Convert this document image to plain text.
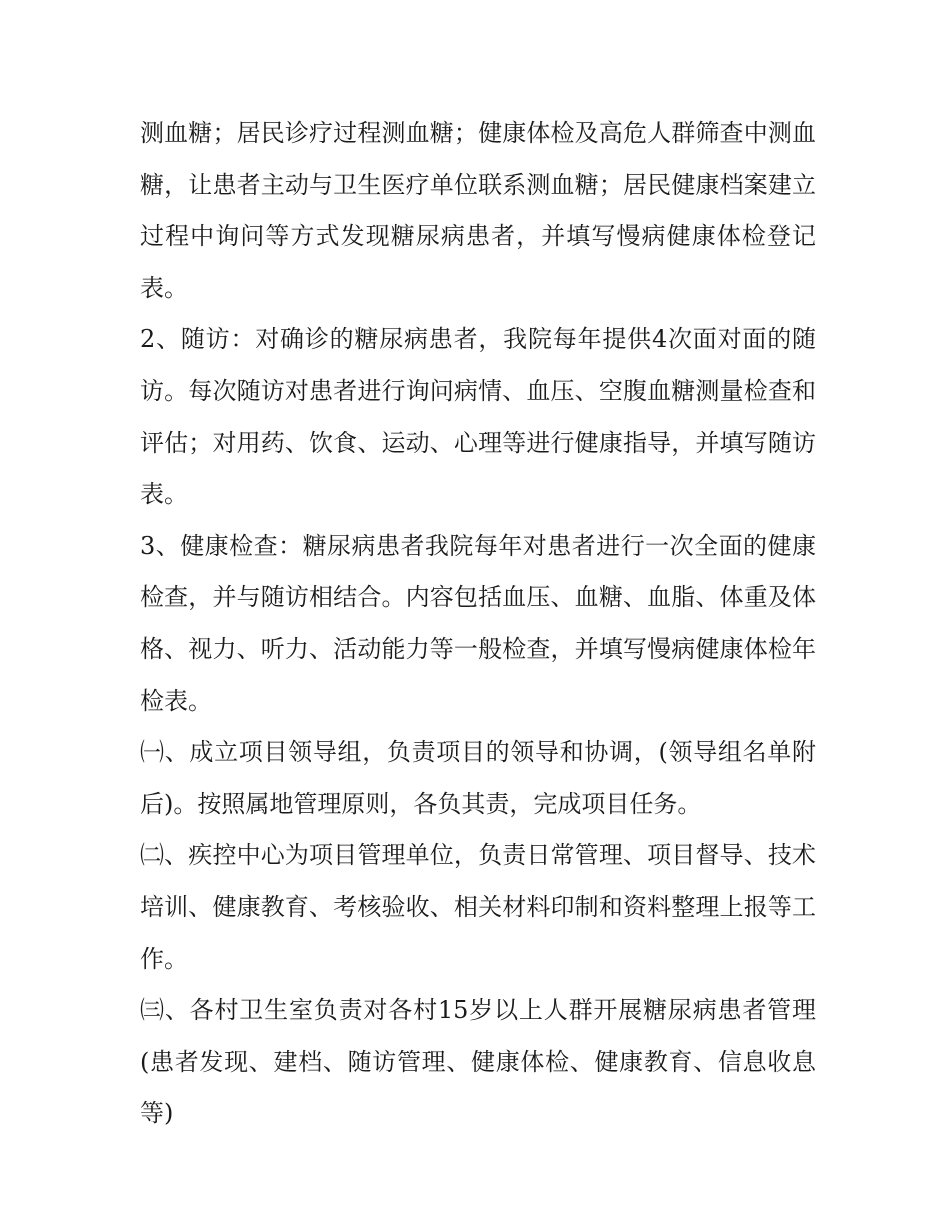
测血糖；居民诊疗过程测血糖；健康体检及高危人群筛查中测血糖，让患者主动与卫生医疗单位联系测血糖；居民健康档案建立过程中询问等方式发现糖尿病患者，并填写慢病健康体检登记表。

2、随访：对确诊的糖尿病患者，我院每年提供4次面对面的随访。每次随访对患者进行询问病情、血压、空腹血糖测量检查和评估；对用药、饮食、运动、心理等进行健康指导，并填写随访表。

3、健康检查：糖尿病患者我院每年对患者进行一次全面的健康检查，并与随访相结合。内容包括血压、血糖、血脂、体重及体格、视力、听力、活动能力等一般检查，并填写慢病健康体检年检表。

㈠、成立项目领导组，负责项目的领导和协调，(领导组名单附后)。按照属地管理原则，各负其责，完成项目任务。

㈡、疾控中心为项目管理单位，负责日常管理、项目督导、技术培训、健康教育、考核验收、相关材料印制和资料整理上报等工作。

㈢、各村卫生室负责对各村15岁以上人群开展糖尿病患者管理(患者发现、建档、随访管理、健康体检、健康教育、信息收息等)
